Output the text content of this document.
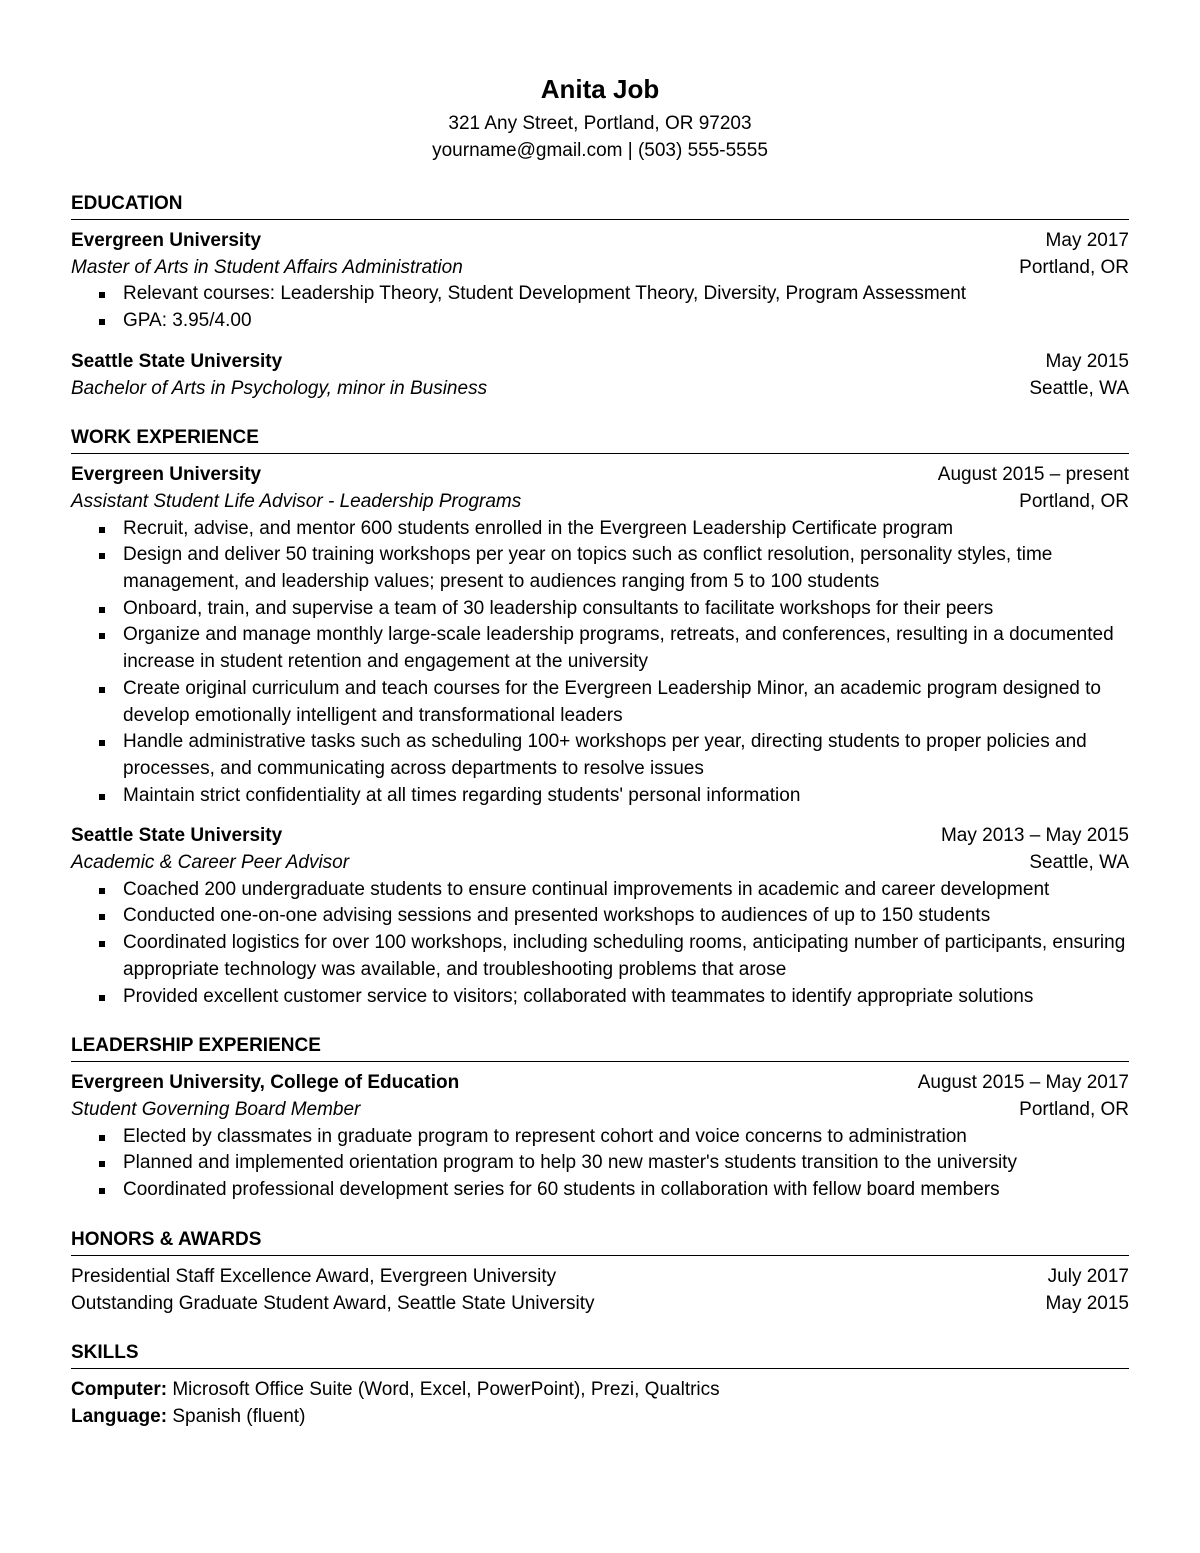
Anita Job
321 Any Street, Portland, OR 97203
yourname@gmail.com | (503) 555-5555
EDUCATION
Evergreen University	May 2017
Master of Arts in Student Affairs Administration	Portland, OR
Relevant courses: Leadership Theory, Student Development Theory, Diversity, Program Assessment
GPA: 3.95/4.00
Seattle State University	May 2015
Bachelor of Arts in Psychology, minor in Business	Seattle, WA
WORK EXPERIENCE
Evergreen University	August 2015 – present
Assistant Student Life Advisor - Leadership Programs	Portland, OR
Recruit, advise, and mentor 600 students enrolled in the Evergreen Leadership Certificate program
Design and deliver 50 training workshops per year on topics such as conflict resolution, personality styles, time management, and leadership values; present to audiences ranging from 5 to 100 students
Onboard, train, and supervise a team of 30 leadership consultants to facilitate workshops for their peers
Organize and manage monthly large-scale leadership programs, retreats, and conferences, resulting in a documented increase in student retention and engagement at the university
Create original curriculum and teach courses for the Evergreen Leadership Minor, an academic program designed to develop emotionally intelligent and transformational leaders
Handle administrative tasks such as scheduling 100+ workshops per year, directing students to proper policies and processes, and communicating across departments to resolve issues
Maintain strict confidentiality at all times regarding students' personal information
Seattle State University	May 2013 – May 2015
Academic & Career Peer Advisor	Seattle, WA
Coached 200 undergraduate students to ensure continual improvements in academic and career development
Conducted one-on-one advising sessions and presented workshops to audiences of up to 150 students
Coordinated logistics for over 100 workshops, including scheduling rooms, anticipating number of participants, ensuring appropriate technology was available, and troubleshooting problems that arose
Provided excellent customer service to visitors; collaborated with teammates to identify appropriate solutions
LEADERSHIP EXPERIENCE
Evergreen University, College of Education	August 2015 – May 2017
Student Governing Board Member	Portland, OR
Elected by classmates in graduate program to represent cohort and voice concerns to administration
Planned and implemented orientation program to help 30 new master's students transition to the university
Coordinated professional development series for 60 students in collaboration with fellow board members
HONORS & AWARDS
Presidential Staff Excellence Award, Evergreen University	July 2017
Outstanding Graduate Student Award, Seattle State University	May 2015
SKILLS
Computer: Microsoft Office Suite (Word, Excel, PowerPoint), Prezi, Qualtrics
Language: Spanish (fluent)
